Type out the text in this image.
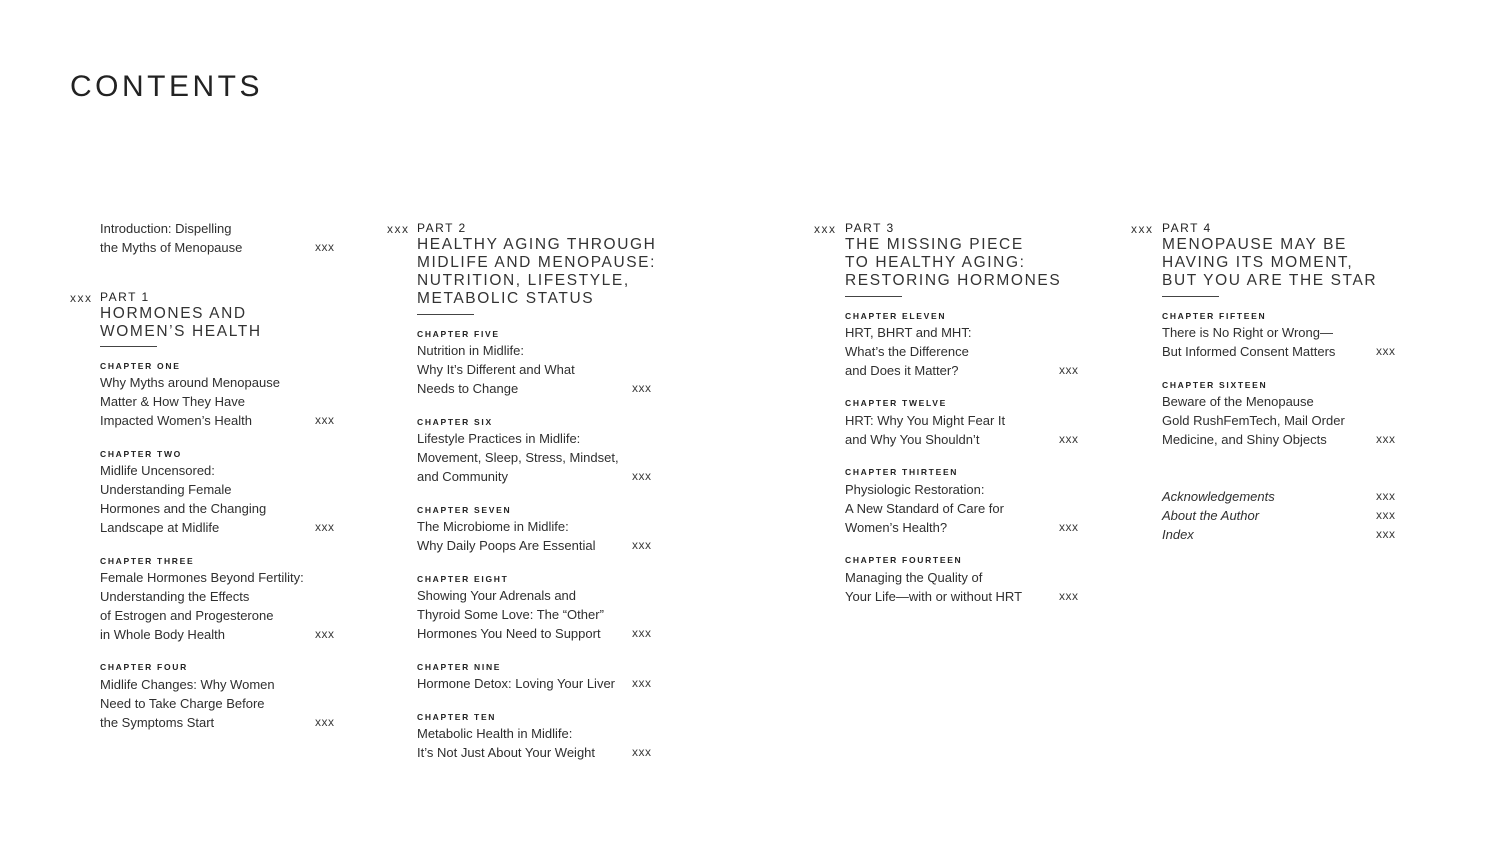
CONTENTS
Introduction: Dispelling
the Myths of Menopause	xxx
xxx PART 1
HORMONES AND
WOMEN’S HEALTH
CHAPTER ONE
Why Myths around Menopause
Matter & How They Have
Impacted Women’s Health	xxx
CHAPTER TWO
Midlife Uncensored:
Understanding Female
Hormones and the Changing
Landscape at Midlife	xxx
CHAPTER THREE
Female Hormones Beyond Fertility:
Understanding the Effects
of Estrogen and Progesterone
in Whole Body Health	xxx
CHAPTER FOUR
Midlife Changes: Why Women
Need to Take Charge Before
the Symptoms Start	xxx
xxx PART 2
HEALTHY AGING THROUGH
MIDLIFE AND MENOPAUSE:
NUTRITION, LIFESTYLE,
METABOLIC STATUS
CHAPTER FIVE
Nutrition in Midlife:
Why It’s Different and What
Needs to Change	xxx
CHAPTER SIX
Lifestyle Practices in Midlife:
Movement, Sleep, Stress, Mindset,
and Community	xxx
CHAPTER SEVEN
The Microbiome in Midlife:
Why Daily Poops Are Essential	xxx
CHAPTER EIGHT
Showing Your Adrenals and
Thyroid Some Love: The “Other”
Hormones You Need to Support	xxx
CHAPTER NINE
Hormone Detox: Loving Your Liver xxx
CHAPTER TEN
Metabolic Health in Midlife:
It’s Not Just About Your Weight	xxx
xxx PART 3
THE MISSING PIECE
TO HEALTHY AGING:
RESTORING HORMONES
CHAPTER ELEVEN
HRT, BHRT and MHT:
What’s the Difference
and Does it Matter?	xxx
CHAPTER TWELVE
HRT: Why You Might Fear It
and Why You Shouldn’t	xxx
CHAPTER THIRTEEN
Physiologic Restoration:
A New Standard of Care for
Women’s Health?	xxx
CHAPTER FOURTEEN
Managing the Quality of
Your Life—with or without HRT	xxx
xxx PART 4
MENOPAUSE MAY BE
HAVING ITS MOMENT,
BUT YOU ARE THE STAR
CHAPTER FIFTEEN
There is No Right or Wrong—
But Informed Consent Matters	xxx
CHAPTER SIXTEEN
Beware of the Menopause
Gold RushFemTech, Mail Order
Medicine, and Shiny Objects	xxx
Acknowledgements	xxx
About the Author	xxx
Index	xxx
